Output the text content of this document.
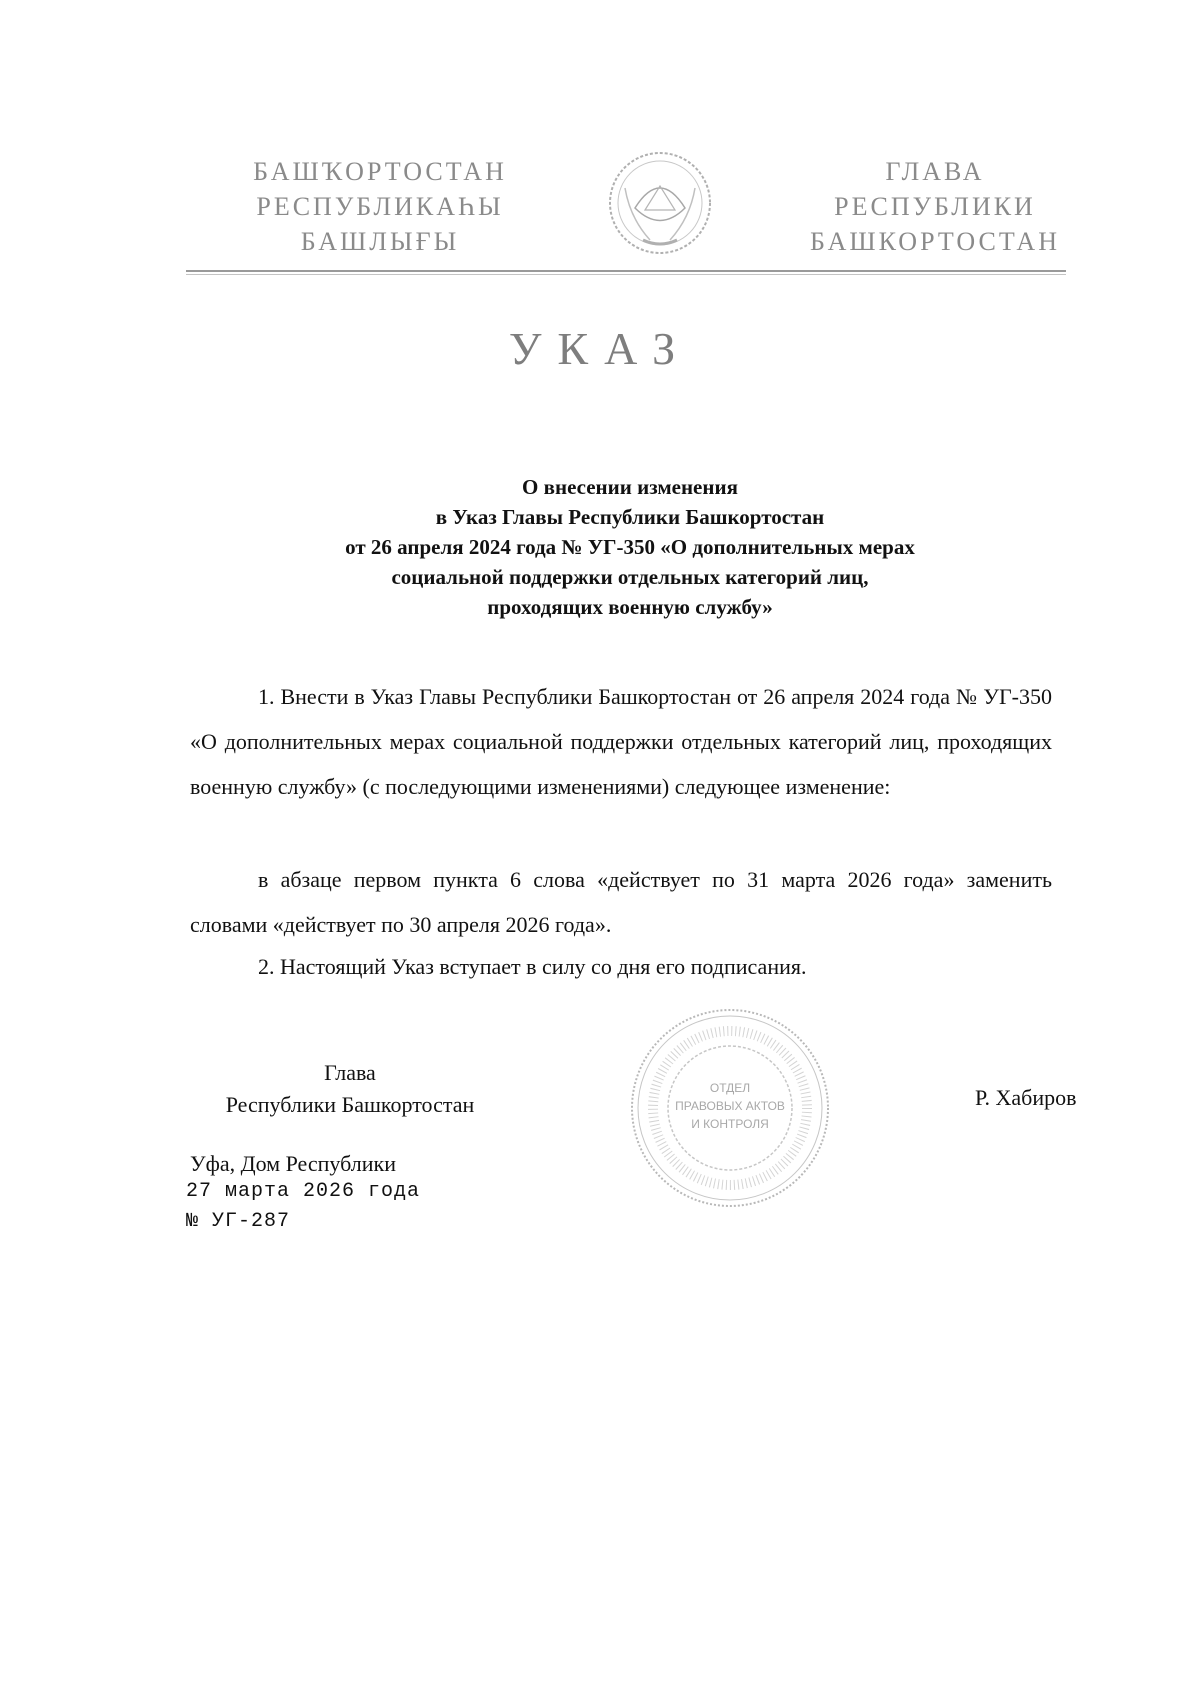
БАШҠОРТОСТАН
РЕСПУБЛИКАҺЫ
БАШЛЫҒЫ
ГЛАВА
РЕСПУБЛИКИ
БАШКОРТОСТАН
УКАЗ
О внесении изменения
в Указ Главы Республики Башкортостан
от 26 апреля 2024 года № УГ-350 «О дополнительных мерах
социальной поддержки отдельных категорий лиц,
проходящих военную службу»

1. Внести в Указ Главы Республики Башкортостан от 26 апреля 2024 года № УГ-350 «О дополнительных мерах социальной поддержки отдельных категорий лиц, проходящих военную службу» (с последующими изменениями) следующее изменение:

в абзаце первом пункта 6 слова «действует по 31 марта 2026 года» заменить словами «действует по 30 апреля 2026 года».

2. Настоящий Указ вступает в силу со дня его подписания.

Глава
Республики Башкортостан
ОТДЕЛ
ПРАВОВЫХ АКТОВ
И КОНТРОЛЯ
Р. Хабиров
Уфа, Дом Республики
27 марта 2026 года
№ УГ-287
